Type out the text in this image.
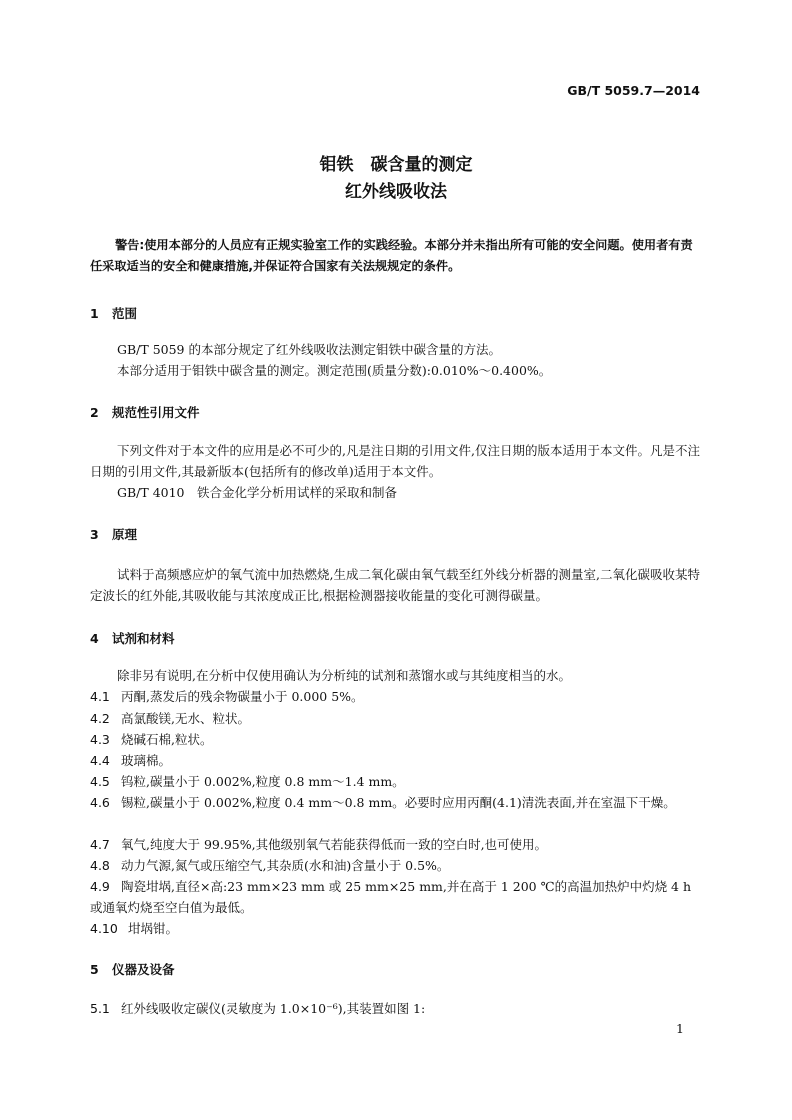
GB/T 5059.7—2014
钼铁　碳含量的测定
红外线吸收法
警告:使用本部分的人员应有正规实验室工作的实践经验。本部分并未指出所有可能的安全问题。使用者有责任采取适当的安全和健康措施,并保证符合国家有关法规规定的条件。
1 范围
GB/T 5059 的本部分规定了红外线吸收法测定钼铁中碳含量的方法。
本部分适用于钼铁中碳含量的测定。测定范围(质量分数):0.010%～0.400%。
2 规范性引用文件
下列文件对于本文件的应用是必不可少的,凡是注日期的引用文件,仅注日期的版本适用于本文件。凡是不注日期的引用文件,其最新版本(包括所有的修改单)适用于本文件。
GB/T 4010　铁合金化学分析用试样的采取和制备
3 原理
试料于高频感应炉的氧气流中加热燃烧,生成二氧化碳由氧气载至红外线分析器的测量室,二氧化碳吸收某特定波长的红外能,其吸收能与其浓度成正比,根据检测器接收能量的变化可测得碳量。
4 试剂和材料
除非另有说明,在分析中仅使用确认为分析纯的试剂和蒸馏水或与其纯度相当的水。
4.1 丙酮,蒸发后的残余物碳量小于 0.000 5%。
4.2 高氯酸镁,无水、粒状。
4.3 烧碱石棉,粒状。
4.4 玻璃棉。
4.5 钨粒,碳量小于 0.002%,粒度 0.8 mm～1.4 mm。
4.6 锡粒,碳量小于 0.002%,粒度 0.4 mm～0.8 mm。必要时应用丙酮(4.1)清洗表面,并在室温下干燥。
4.7 氧气,纯度大于 99.95%,其他级别氧气若能获得低而一致的空白时,也可使用。
4.8 动力气源,氮气或压缩空气,其杂质(水和油)含量小于 0.5%。
4.9 陶瓷坩埚,直径×高:23 mm×23 mm 或 25 mm×25 mm,并在高于 1 200 ℃的高温加热炉中灼烧 4 h 或通氧灼烧至空白值为最低。
4.10 坩埚钳。
5 仪器及设备
5.1 红外线吸收定碳仪(灵敏度为 1.0×10⁻⁶),其装置如图 1:
1
